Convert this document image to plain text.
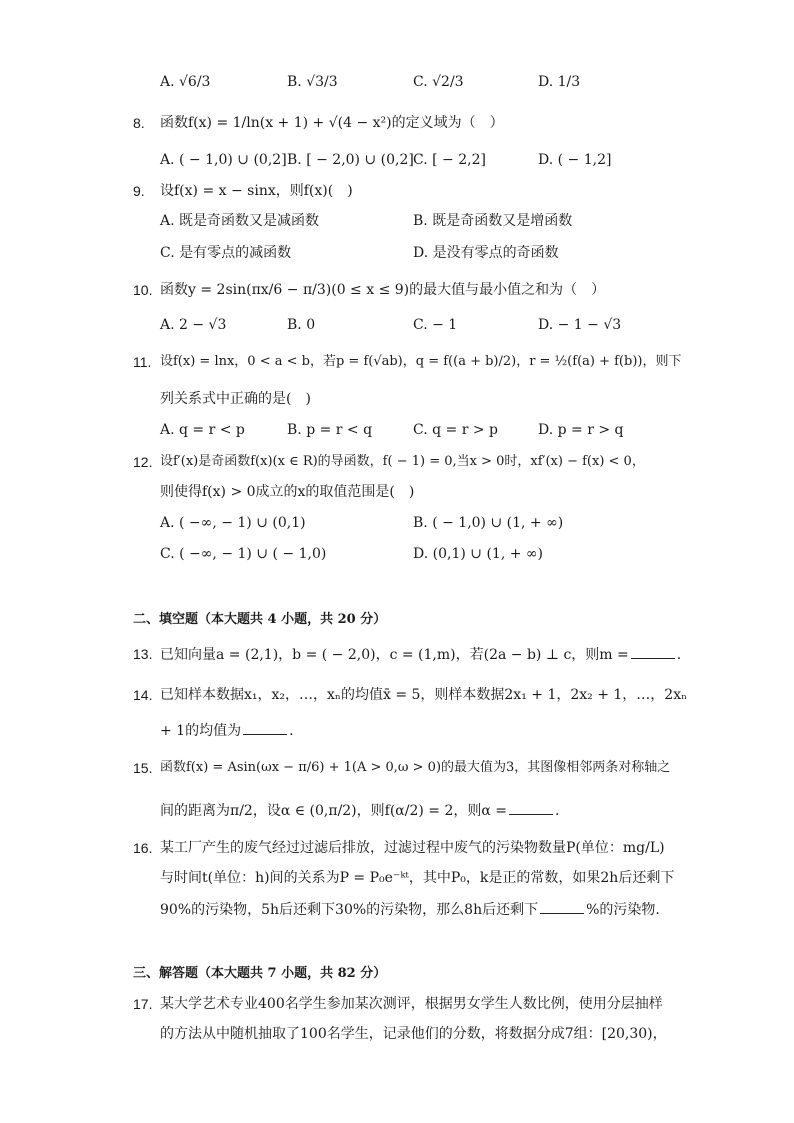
A. √6/3	B. √3/3	C. √2/3	D. 1/3
8. 函数f(x) = 1/ln(x + 1) + √(4 − x²)的定义域为（　）
A. ( − 1,0) ∪ (0,2] B. [ − 2,0) ∪ (0,2] C. [ − 2,2]	D. ( − 1,2]
9. 设f(x) = x − sinx，则f(x)(　)
A. 既是奇函数又是减函数	B. 既是奇函数又是增函数
C. 是有零点的减函数	D. 是没有零点的奇函数
10. 函数y = 2sin(πx/6 − π/3)(0 ≤ x ≤ 9)的最大值与最小值之和为（　）
A. 2 − √3	B. 0	C. − 1	D. − 1 − √3
11. 设f(x) = lnx，0 < a < b，若p = f(√ab)，q = f((a + b)/2)，r = ½(f(a) + f(b))，则下
列关系式中正确的是(　)
A. q = r < p	B. p = r < q	C. q = r > p	D. p = r > q
12. 设f′(x)是奇函数f(x)(x ∈ R)的导函数，f( − 1) = 0,当x > 0时，xf′(x) − f(x) < 0，
则使得f(x) > 0成立的x的取值范围是(　)
A. ( −∞, − 1) ∪ (0,1)	B. ( − 1,0) ∪ (1, + ∞)
C. ( −∞, − 1) ∪ ( − 1,0)	D. (0,1) ∪ (1, + ∞)
二、填空题（本大题共 4 小题，共 20 分）
13. 已知向量a = (2,1)，b = ( − 2,0)，c = (1,m)，若(2a − b) ⊥ c，则m =	.
14. 已知样本数据x₁，x₂，…，xₙ的均值x̄ = 5，则样本数据2x₁ + 1，2x₂ + 1，…，2xₙ
+ 1的均值为	.
15. 函数f(x) = Asin(ωx − π/6) + 1(A > 0,ω > 0)的最大值为3，其图像相邻两条对称轴之
间的距离为π/2，设α ∈ (0,π/2)，则f(α/2) = 2，则α =	.
16. 某工厂产生的废气经过过滤后排放，过滤过程中废气的污染物数量P(单位：mg/L)
与时间t(单位：h)间的关系为P = P₀e⁻ᵏᵗ，其中P₀，k是正的常数，如果2h后还剩下
90%的污染物，5h后还剩下30%的污染物，那么8h后还剩下	%的污染物.
三、解答题（本大题共 7 小题，共 82 分）
17. 某大学艺术专业400名学生参加某次测评，根据男女学生人数比例，使用分层抽样
的方法从中随机抽取了100名学生，记录他们的分数，将数据分成7组：[20,30)，
